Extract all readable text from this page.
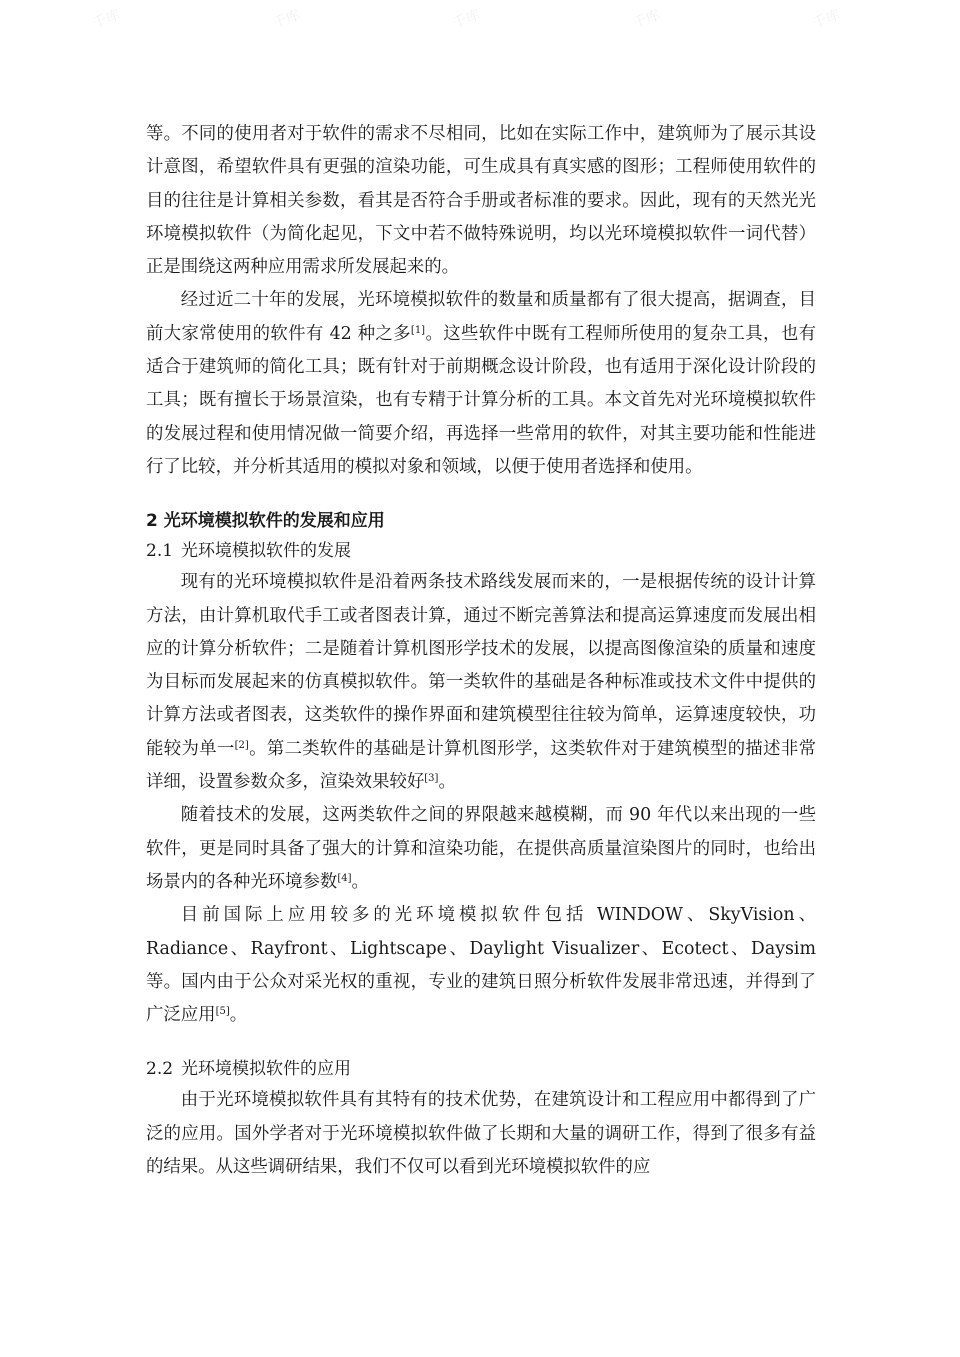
千库	千库	千库	千库	千库

等。不同的使用者对于软件的需求不尽相同，比如在实际工作中，建筑师为了展示其设计意图，希望软件具有更强的渲染功能，可生成具有真实感的图形；工程师使用软件的目的往往是计算相关参数，看其是否符合手册或者标准的要求。因此，现有的天然光光环境模拟软件（为简化起见，下文中若不做特殊说明，均以光环境模拟软件一词代替）正是围绕这两种应用需求所发展起来的。

经过近二十年的发展，光环境模拟软件的数量和质量都有了很大提高，据调查，目前大家常使用的软件有 42 种之多[1]。这些软件中既有工程师所使用的复杂工具，也有适合于建筑师的简化工具；既有针对于前期概念设计阶段，也有适用于深化设计阶段的工具；既有擅长于场景渲染，也有专精于计算分析的工具。本文首先对光环境模拟软件的发展过程和使用情况做一简要介绍，再选择一些常用的软件，对其主要功能和性能进行了比较，并分析其适用的模拟对象和领域，以便于使用者选择和使用。

2 光环境模拟软件的发展和应用

2.1 光环境模拟软件的发展

现有的光环境模拟软件是沿着两条技术路线发展而来的，一是根据传统的设计计算方法，由计算机取代手工或者图表计算，通过不断完善算法和提高运算速度而发展出相应的计算分析软件；二是随着计算机图形学技术的发展，以提高图像渲染的质量和速度为目标而发展起来的仿真模拟软件。第一类软件的基础是各种标准或技术文件中提供的计算方法或者图表，这类软件的操作界面和建筑模型往往较为简单，运算速度较快，功能较为单一[2]。第二类软件的基础是计算机图形学，这类软件对于建筑模型的描述非常详细，设置参数众多，渲染效果较好[3]。

随着技术的发展，这两类软件之间的界限越来越模糊，而 90 年代以来出现的一些软件，更是同时具备了强大的计算和渲染功能，在提供高质量渲染图片的同时，也给出场景内的各种光环境参数[4]。

目前国际上应用较多的光环境模拟软件包括 WINDOW、SkyVision、Radiance、Rayfront、Lightscape、Daylight Visualizer、Ecotect、Daysim 等。国内由于公众对采光权的重视，专业的建筑日照分析软件发展非常迅速，并得到了广泛应用[5]。

2.2 光环境模拟软件的应用

由于光环境模拟软件具有其特有的技术优势，在建筑设计和工程应用中都得到了广泛的应用。国外学者对于光环境模拟软件做了长期和大量的调研工作，得到了很多有益的结果。从这些调研结果，我们不仅可以看到光环境模拟软件的应
